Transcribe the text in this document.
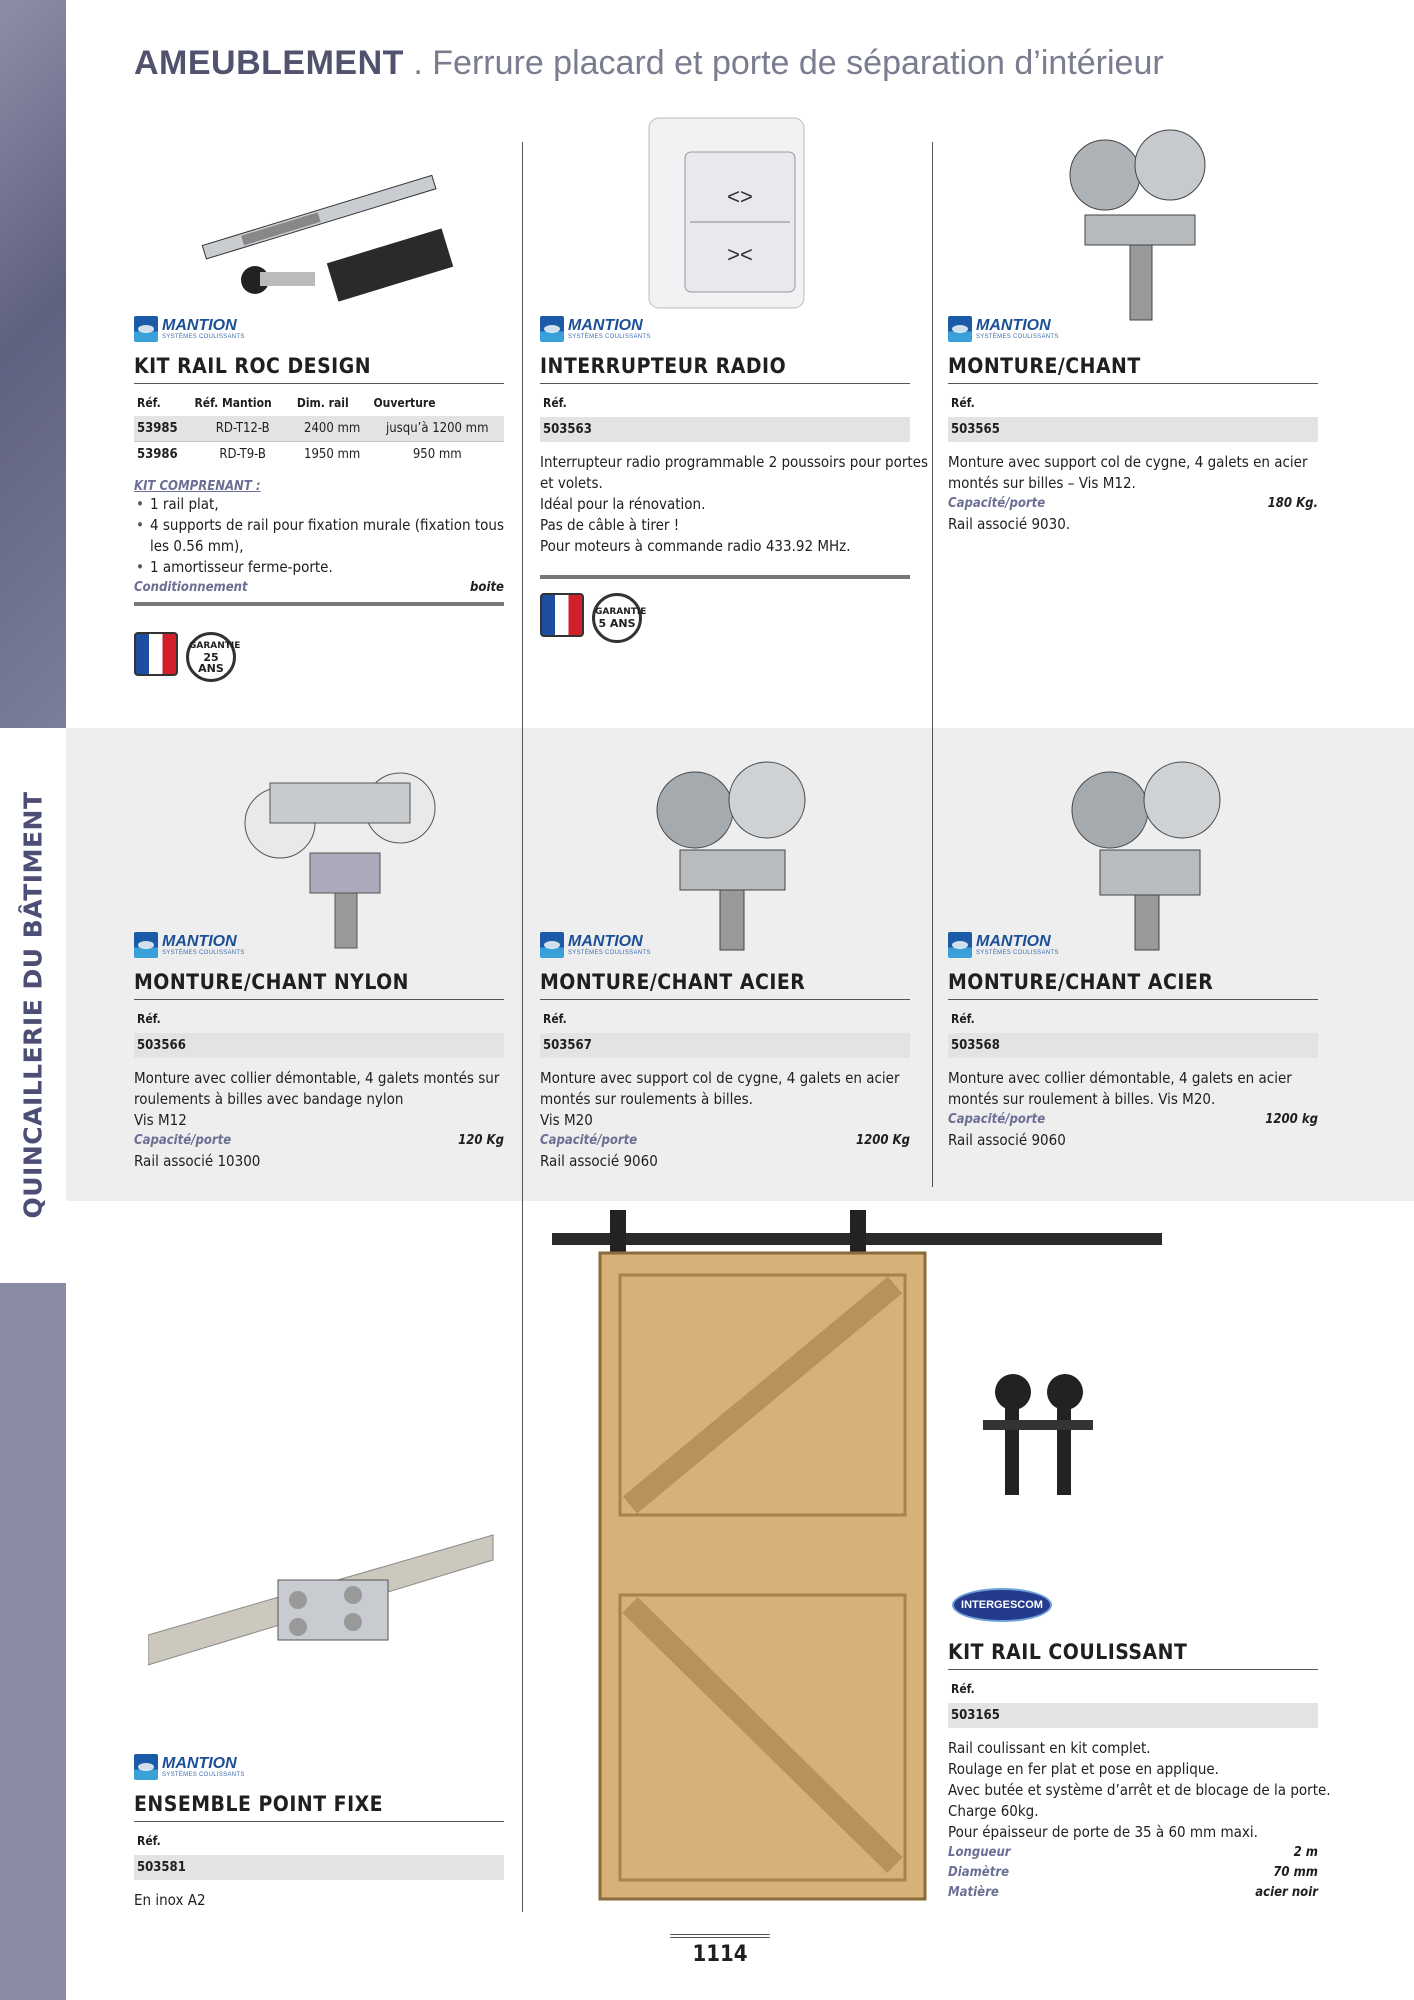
QUINCAILLERIE DU BÂTIMENT
AMEUBLEMENT . Ferrure placard et porte de séparation d’intérieur
<>
><
MANTION
SYSTÈMES COULISSANTS
KIT RAIL ROC DESIGN
Réf.	Réf. Mantion	Dim. rail	Ouverture
53985	RD-T12-B	2400 mm	jusqu’à 1200 mm
53986	RD-T9-B	1950 mm	950 mm
KIT COMPRENANT :
• 1 rail plat,
• 4 supports de rail pour fixation murale (fixation tous les 0.56 mm),
• 1 amortisseur ferme-porte.
Conditionnement	boite
GARANTIE
25 ANS
MANTION
SYSTÈMES COULISSANTS
INTERRUPTEUR RADIO
Réf.
503563
Interrupteur radio programmable 2 poussoirs pour portes
et volets.
Idéal pour la rénovation.
Pas de câble à tirer !
Pour moteurs à commande radio 433.92 MHz.
GARANTIE
5 ANS
MANTION
SYSTÈMES COULISSANTS
MONTURE/CHANT
Réf.
503565
Monture avec support col de cygne, 4 galets en acier
montés sur billes – Vis M12.
Capacité/porte	180 Kg.
Rail associé 9030.
MANTION
SYSTÈMES COULISSANTS
MONTURE/CHANT NYLON
Réf.
503566
Monture avec collier démontable, 4 galets montés sur
roulements à billes avec bandage nylon
Vis M12
Capacité/porte	120 Kg
Rail associé 10300
MANTION
SYSTÈMES COULISSANTS
MONTURE/CHANT ACIER
Réf.
503567
Monture avec support col de cygne, 4 galets en acier
montés sur roulements à billes.
Vis M20
Capacité/porte	1200 Kg
Rail associé 9060
MANTION
SYSTÈMES COULISSANTS
MONTURE/CHANT ACIER
Réf.
503568
Monture avec collier démontable, 4 galets en acier
montés sur roulement à billes. Vis M20.
Capacité/porte	1200 kg
Rail associé 9060
MANTION
SYSTÈMES COULISSANTS
ENSEMBLE POINT FIXE
Réf.
503581
En inox A2
INTERGESCOM
KIT RAIL COULISSANT
Réf.
503165
Rail coulissant en kit complet.
Roulage en fer plat et pose en applique.
Avec butée et système d’arrêt et de blocage de la porte.
Charge 60kg.
Pour épaisseur de porte de 35 à 60 mm maxi.
Longueur	2 m
Diamètre	70 mm
Matière	acier noir
1114
